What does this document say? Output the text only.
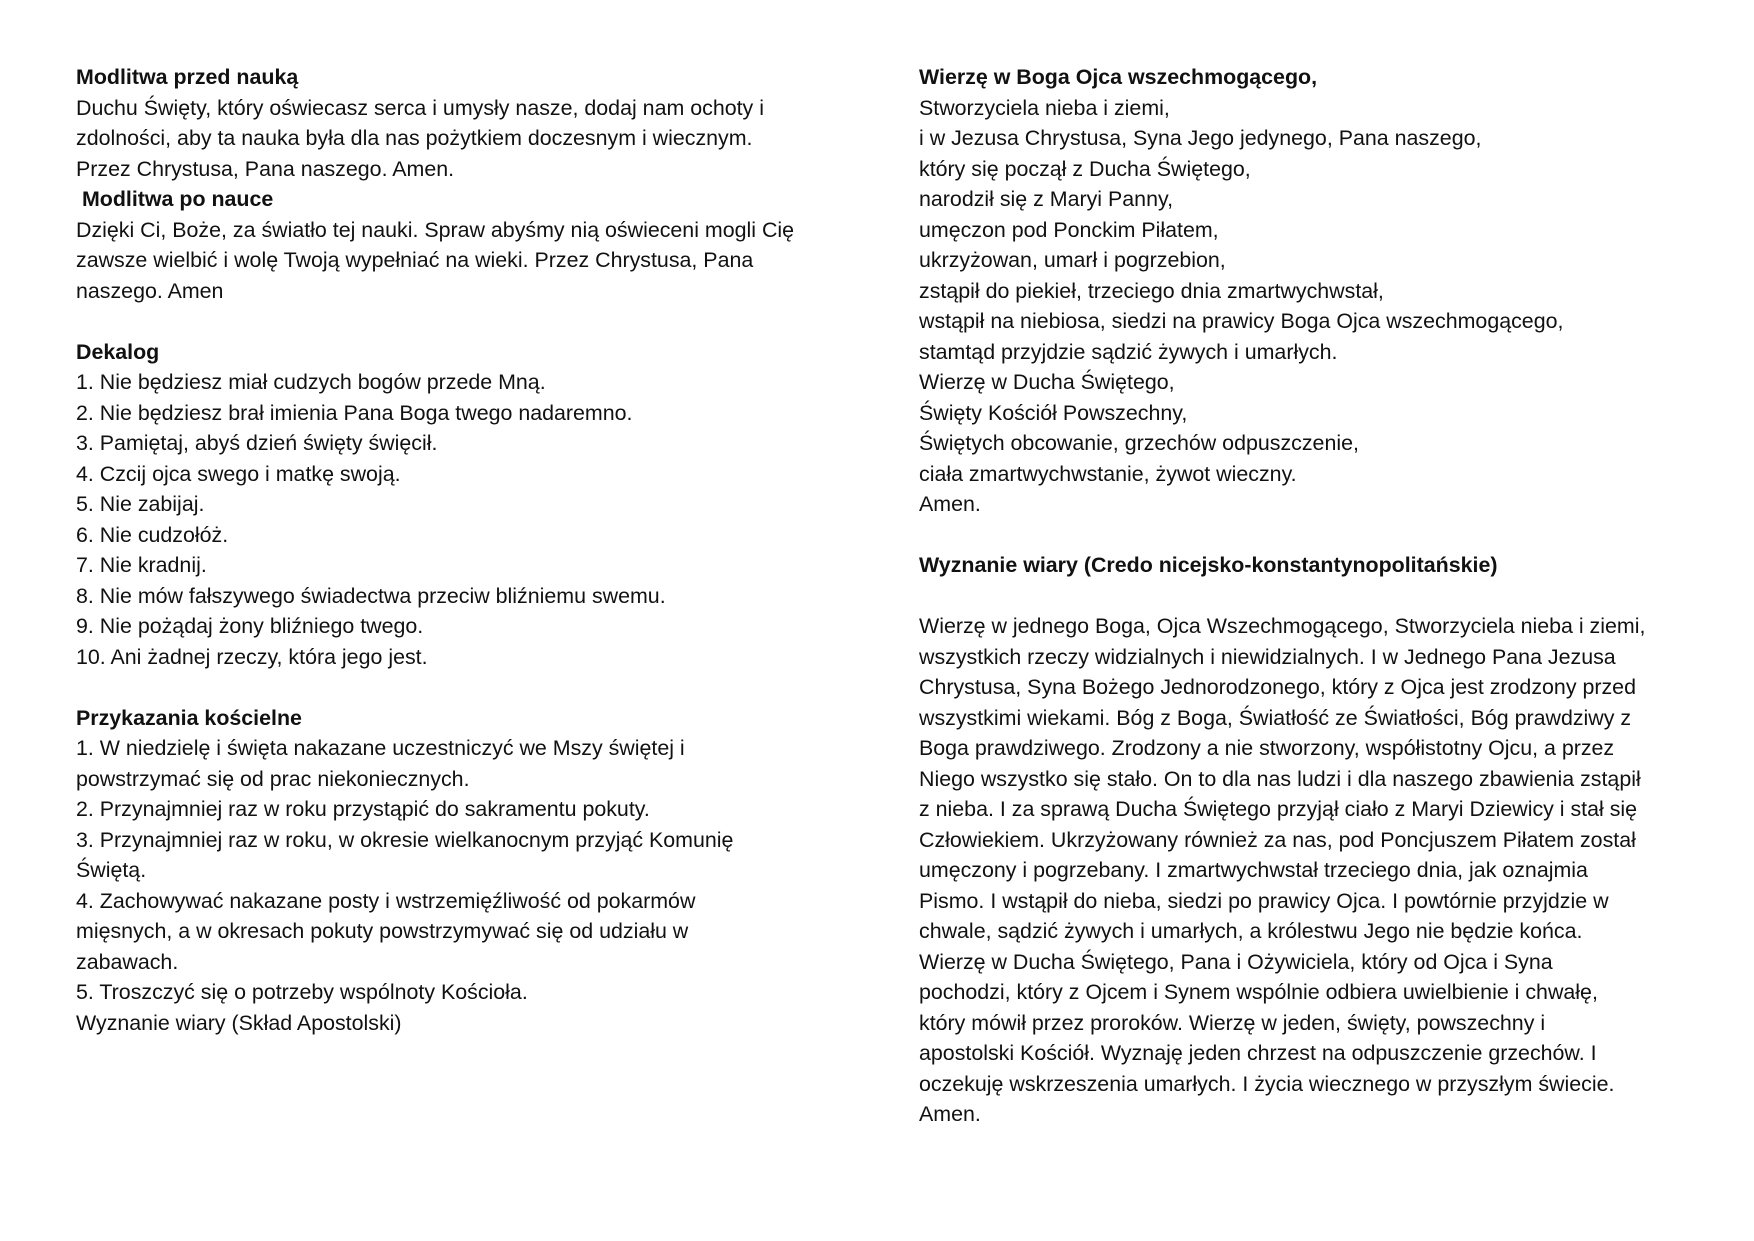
Modlitwa przed nauką
Duchu Święty, który oświecasz serca i umysły nasze, dodaj nam ochoty i
zdolności, aby ta nauka była dla nas pożytkiem doczesnym i wiecznym.
Przez Chrystusa, Pana naszego. Amen.
Modlitwa po nauce
Dzięki Ci, Boże, za światło tej nauki. Spraw abyśmy nią oświeceni mogli Cię
zawsze wielbić i wolę Twoją wypełniać na wieki. Przez Chrystusa, Pana
naszego. Amen
Dekalog
1. Nie będziesz miał cudzych bogów przede Mną.
2. Nie będziesz brał imienia Pana Boga twego nadaremno.
3. Pamiętaj, abyś dzień święty święcił.
4. Czcij ojca swego i matkę swoją.
5. Nie zabijaj.
6. Nie cudzołóż.
7. Nie kradnij.
8. Nie mów fałszywego świadectwa przeciw bliźniemu swemu.
9. Nie pożądaj żony bliźniego twego.
10. Ani żadnej rzeczy, która jego jest.
Przykazania kościelne
1. W niedzielę i święta nakazane uczestniczyć we Mszy świętej i
powstrzymać się od prac niekoniecznych.
2. Przynajmniej raz w roku przystąpić do sakramentu pokuty.
3. Przynajmniej raz w roku, w okresie wielkanocnym przyjąć Komunię
Świętą.
4. Zachowywać nakazane posty i wstrzemięźliwość od pokarmów
mięsnych, a w okresach pokuty powstrzymywać się od udziału w
zabawach.
5. Troszczyć się o potrzeby wspólnoty Kościoła.
Wyznanie wiary (Skład Apostolski)
Wierzę w Boga Ojca wszechmogącego,
Stworzyciela nieba i ziemi,
i w Jezusa Chrystusa, Syna Jego jedynego, Pana naszego,
który się począł z Ducha Świętego,
narodził się z Maryi Panny,
umęczon pod Ponckim Piłatem,
ukrzyżowan, umarł i pogrzebion,
zstąpił do piekieł, trzeciego dnia zmartwychwstał,
wstąpił na niebiosa, siedzi na prawicy Boga Ojca wszechmogącego,
stamtąd przyjdzie sądzić żywych i umarłych.
Wierzę w Ducha Świętego,
Święty Kościół Powszechny,
Świętych obcowanie, grzechów odpuszczenie,
ciała zmartwychwstanie, żywot wieczny.
Amen.
Wyznanie wiary (Credo nicejsko-konstantynopolitańskie)
Wierzę w jednego Boga, Ojca Wszechmogącego, Stworzyciela nieba i ziemi,
wszystkich rzeczy widzialnych i niewidzialnych. I w Jednego Pana Jezusa
Chrystusa, Syna Bożego Jednorodzonego, który z Ojca jest zrodzony przed
wszystkimi wiekami. Bóg z Boga, Światłość ze Światłości, Bóg prawdziwy z
Boga prawdziwego. Zrodzony a nie stworzony, współistotny Ojcu, a przez
Niego wszystko się stało. On to dla nas ludzi i dla naszego zbawienia zstąpił
z nieba. I za sprawą Ducha Świętego przyjął ciało z Maryi Dziewicy i stał się
Człowiekiem. Ukrzyżowany również za nas, pod Poncjuszem Piłatem został
umęczony i pogrzebany. I zmartwychwstał trzeciego dnia, jak oznajmia
Pismo. I wstąpił do nieba, siedzi po prawicy Ojca. I powtórnie przyjdzie w
chwale, sądzić żywych i umarłych, a królestwu Jego nie będzie końca.
Wierzę w Ducha Świętego, Pana i Ożywiciela, który od Ojca i Syna
pochodzi, który z Ojcem i Synem wspólnie odbiera uwielbienie i chwałę,
który mówił przez proroków. Wierzę w jeden, święty, powszechny i
apostolski Kościół. Wyznaję jeden chrzest na odpuszczenie grzechów. I
oczekuję wskrzeszenia umarłych. I życia wiecznego w przyszłym świecie.
Amen.
